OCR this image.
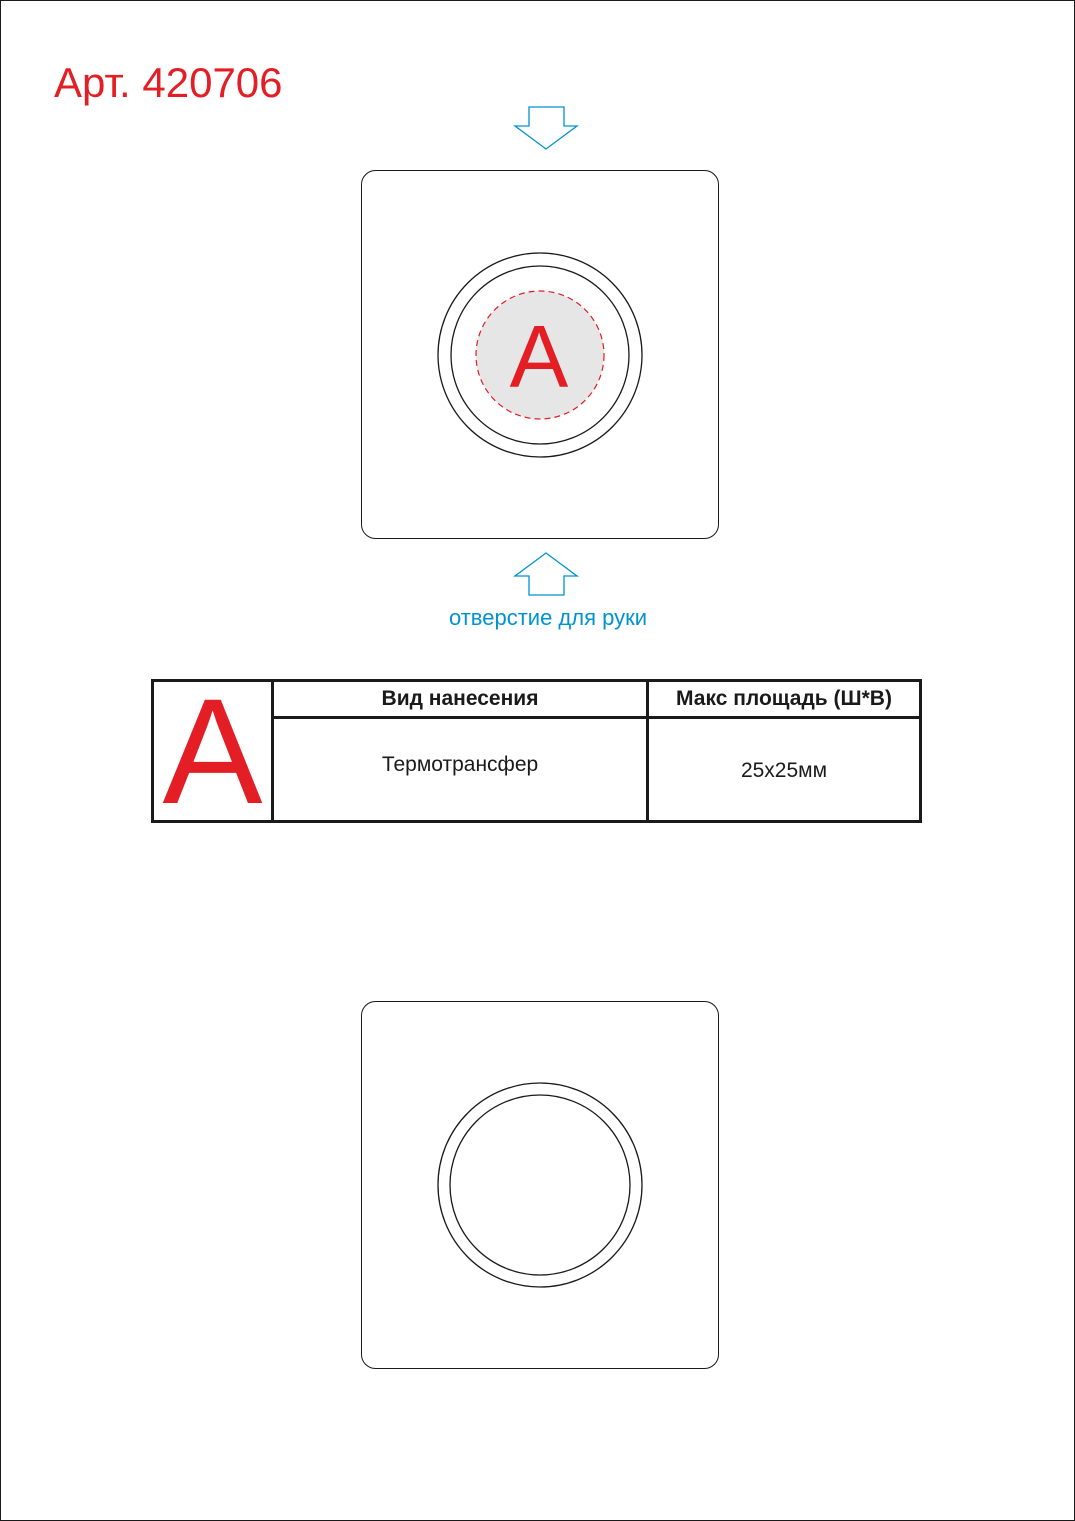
Арт. 420706
A
отверстие для руки
A	Вид нанесения	Макс площадь (Ш*В)
Термотрансфер	25x25мм
